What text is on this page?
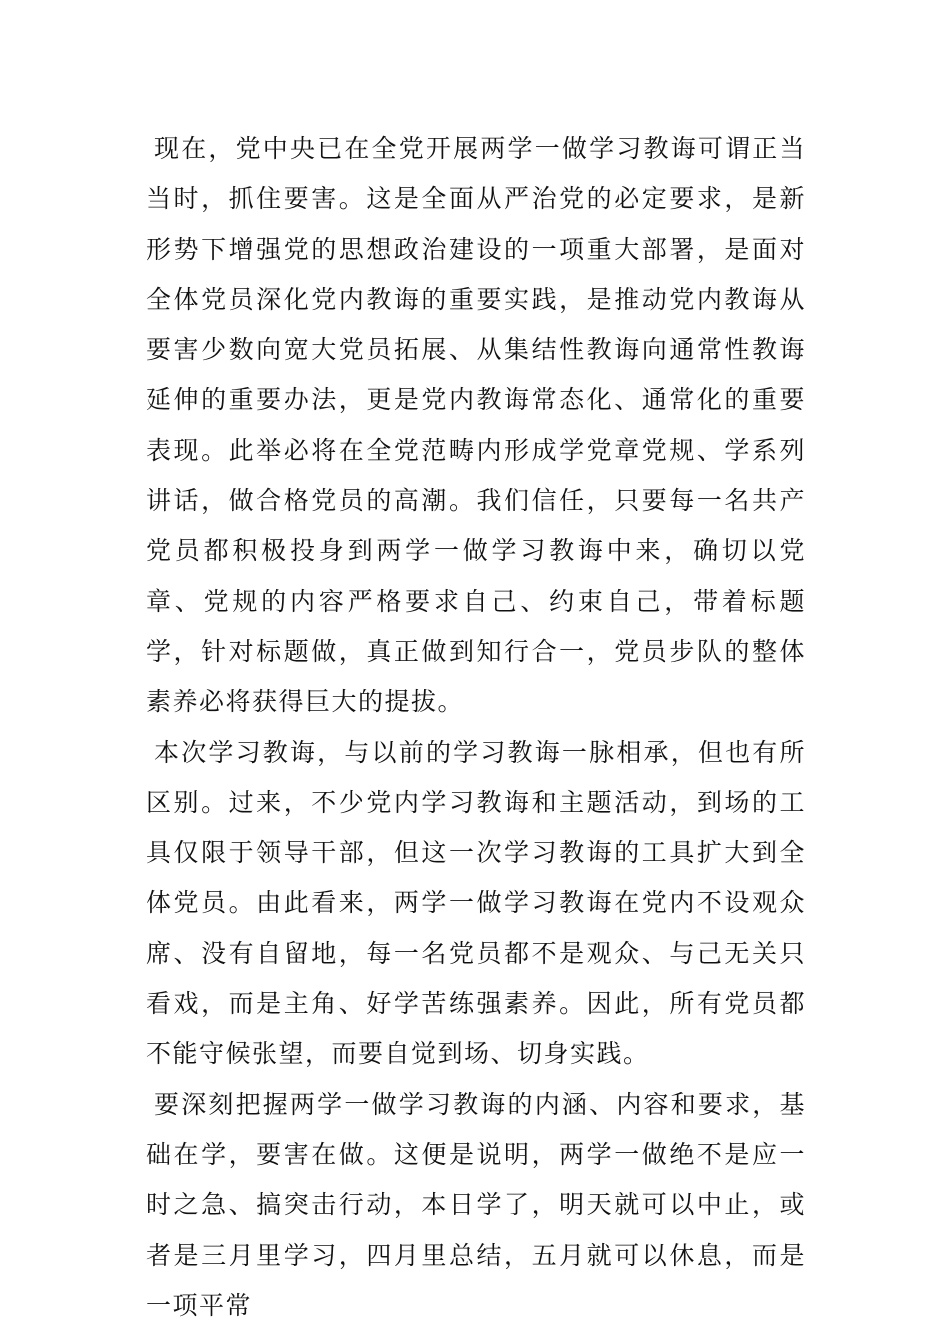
现在，党中央已在全党开展两学一做学习教诲可谓正当当时，抓住要害。这是全面从严治党的必定要求，是新形势下增强党的思想政治建设的一项重大部署，是面对全体党员深化党内教诲的重要实践，是推动党内教诲从要害少数向宽大党员拓展、从集结性教诲向通常性教诲延伸的重要办法，更是党内教诲常态化、通常化的重要表现。此举必将在全党范畴内形成学党章党规、学系列讲话，做合格党员的高潮。我们信任，只要每一名共产党员都积极投身到两学一做学习教诲中来，确切以党章、党规的内容严格要求自己、约束自己，带着标题学，针对标题做，真正做到知行合一，党员步队的整体素养必将获得巨大的提拔。

本次学习教诲，与以前的学习教诲一脉相承，但也有所区别。过来，不少党内学习教诲和主题活动，到场的工具仅限于领导干部，但这一次学习教诲的工具扩大到全体党员。由此看来，两学一做学习教诲在党内不设观众席、没有自留地，每一名党员都不是观众、与己无关只看戏，而是主角、好学苦练强素养。因此，所有党员都不能守候张望，而要自觉到场、切身实践。

要深刻把握两学一做学习教诲的内涵、内容和要求，基础在学，要害在做。这便是说明，两学一做绝不是应一时之急、搞突击行动，本日学了，明天就可以中止，或者是三月里学习，四月里总结，五月就可以休息，而是一项平常
